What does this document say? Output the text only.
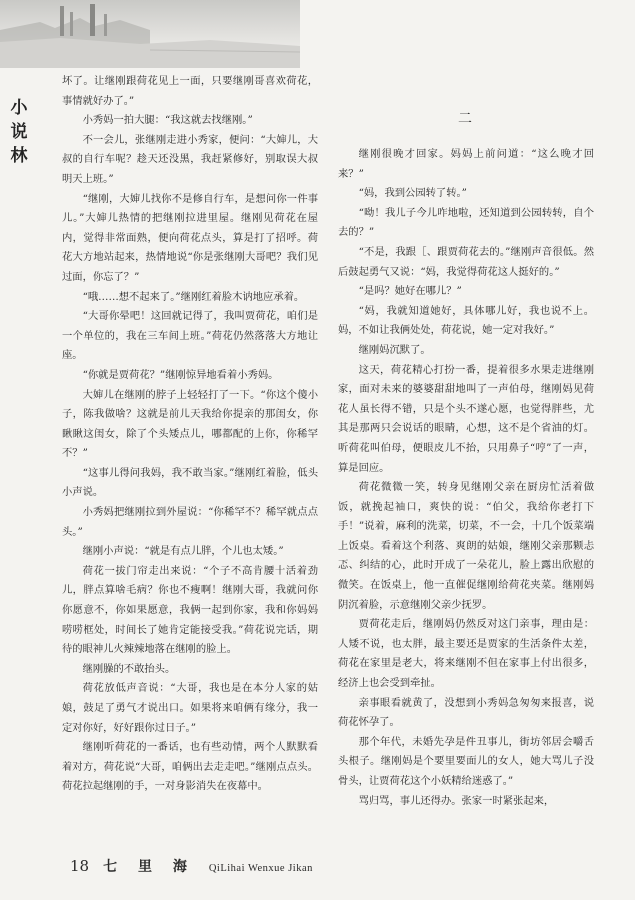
小
说
林

坏了。让继刚跟荷花见上一面，只要继刚哥喜欢荷花，事情就好办了。”

小秀妈一拍大腿：“我这就去找继刚。”

不一会儿，张继刚走进小秀家，便问：“大婶儿，大叔的自行车呢？趁天还没黑，我赶紧修好，别取误大叔明天上班。”

“继刚，大婶儿找你不是修自行车，是想问你一件事儿。”大婶儿热情的把继刚拉进里屋。继刚见荷花在屋内，觉得非常面熟，便向荷花点头，算是打了招呼。荷花大方地站起来，热情地说“你是张继刚大哥吧？我们见过面，你忘了？”

“哦……想不起来了。”继刚红着脸木讷地应承着。

“大哥你晕吧！这回就记得了，我叫贾荷花，咱们是一个单位的，我在三车间上班。”荷花仍然落落大方地让座。

“你就是贾荷花？”继刚惊异地看着小秀妈。

大婶儿在继刚的脖子上轻轻打了一下。“你这个傻小子，陈我做啥？这就是前儿天我给你提亲的那闺女，你瞅瞅这闺女，除了个头矮点儿，哪都配的上你，你稀罕不？”

“这事儿得问我妈，我不敢当家。”继刚红着脸，低头小声说。

小秀妈把继刚拉到外屋说：“你稀罕不？稀罕就点点头。”

继刚小声说：“就是有点儿胖，个儿也太矮。”

荷花一拔门帘走出来说：“个子不高肯腰十活着劲儿，胖点算啥毛病？你也不瘦啊！继刚大哥，我就问你你愿意不，你如果愿意，我俩一起到你家，我和你妈妈唠唠框处，时间长了她肯定能接受我。”荷花说完话，期待的眼神儿火辣辣地落在继刚的脸上。

继刚臊的不敢抬头。

荷花放低声音说：“大哥，我也是在本分人家的姑娘，鼓足了勇气才说出口。如果将来咱俩有缘分，我一定对你好，好好跟你过日子。”

继刚听荷花的一番话，也有些动情，两个人默默看着对方，荷花说“大哥，咱俩出去走走吧。”继刚点点头。荷花拉起继刚的手，一对身影消失在夜幕中。

二

继刚很晚才回家。妈妈上前问道：“这么晚才回来？”

“妈，我到公园转了转。”

“呦！我儿子今儿咋地啦，还知道到公园转转，自个去的？”

“不是，我跟［、跟贾荷花去的。”继刚声音很低。然后鼓起勇气又说：“妈，我觉得荷花这人挺好的。”

“是吗？她好在哪儿？”

“妈，我就知道她好，具体哪儿好，我也说不上。妈，不如让我俩处处，荷花说，她一定对我好。”

继刚妈沉默了。

这天，荷花精心打扮一番，提着很多水果走进继刚家，面对未来的婆婆甜甜地叫了一声伯母，继刚妈见荷花人虽长得不错，只是个头不遂心愿，也觉得胖些，尤其是那两只会说话的眼睛，心想，这不是个省油的灯。听荷花叫伯母，便眼皮儿不抬，只用鼻子“哼”了一声，算是回应。

荷花微微一笑，转身见继刚父亲在厨房忙活着做饭，就挽起袖口，爽快的说：“伯父，我给你老打下手！”说着，麻利的洗菜，切菜，不一会，十几个饭菜端上饭桌。看着这个利落、爽朗的姑娘，继刚父亲那颗忐忑、纠结的心，此时开成了一朵花儿，脸上露出欣慰的微笑。在饭桌上，他一直催促继刚给荷花夹菜。继刚妈阴沉着脸，示意继刚父亲少抚罗。

贾荷花走后，继刚妈仍然反对这门亲事，理由是：人矮不说，也太胖，最主要还是贾家的生活条件太差，荷花在家里是老大，将来继刚不但在家事上付出很多，经济上也会受到牵扯。

亲事眼看就黄了，没想到小秀妈急匆匆来报喜，说荷花怀孕了。

那个年代，未婚先孕是件丑事儿，街坊邻居会嚼舌头根子。继刚妈是个要里要面儿的女人，她大骂儿子没骨头，让贾荷花这个小妖精给迷惑了。”

骂归骂，事儿还得办。张家一时紧张起来，

18 七 里 海 QiLihai Wenxue Jikan
